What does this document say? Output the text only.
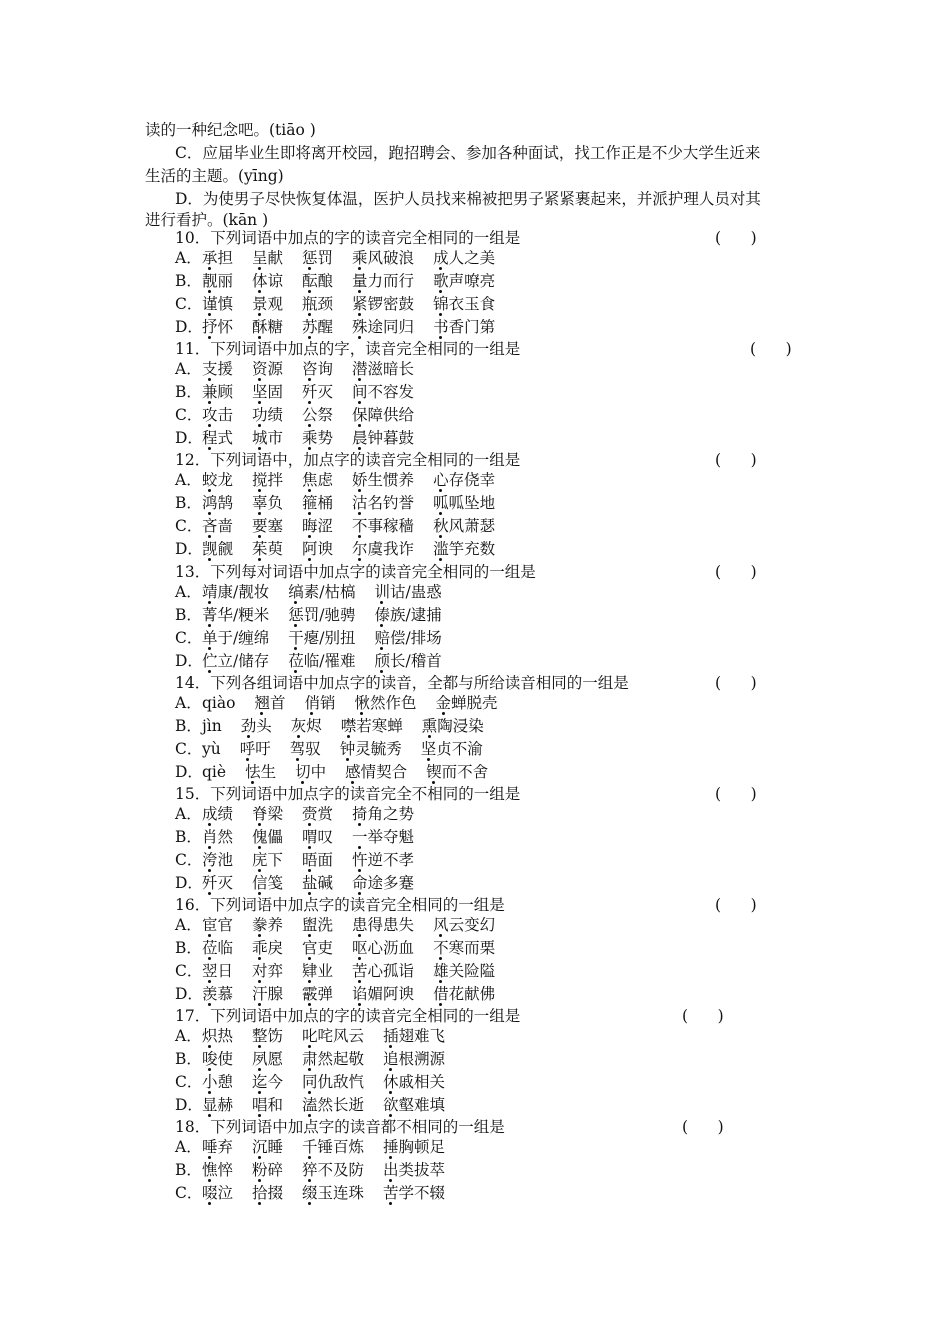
读的一种纪念吧。(tiāo )
C．应届毕业生即将离开校园，跑招聘会、参加各种面试，找工作正是不少大学生近来
生活的主题。(yīng)
D．为使男子尽快恢复体温，医护人员找来棉被把男子紧紧裹起来，并派护理人员对其
进行看护。(kān )
10．下列词语中加点的字的读音完全相同的一组是	(      )
A．承担 呈献 惩罚 乘风破浪 成人之美
B．靓丽 体谅 酝酿 量力而行 歌声嘹亮
C．谨慎 景观 瓶颈 紧锣密鼓 锦衣玉食
D．抒怀 酥糖 苏醒 殊途同归 书香门第
11．下列词语中加点的字，读音完全相同的一组是	(      )
A．支援 资源 咨询 潜滋暗长
B．兼顾 坚固 歼灭 间不容发
C．攻击 功绩 公祭 保障供给
D．程式 城市 乘势 晨钟暮鼓
12．下列词语中，加点字的读音完全相同的一组是	(      )
A．蛟龙 搅拌 焦虑 娇生惯养 心存侥幸
B．鸿鹄 辜负 箍桶 沽名钓誉 呱呱坠地
C．吝啬 要塞 晦涩 不事稼穑 秋风萧瑟
D．觊觎 茱萸 阿谀 尔虞我诈 滥竽充数
13．下列每对词语中加点字的读音完全相同的一组是	(      )
A．靖康/靓妆 缟素/枯槁 训诂/蛊惑
B．菁华/粳米 惩罚/驰骋 傣族/逮捕
C．单于/缠绵 干瘪/别扭 赔偿/排场
D．伫立/储存 莅临/罹难 颀长/稽首
14．下列各组词语中加点字的读音，全都与所给读音相同的一组是	(      )
A．qiào 翘首 俏销 愀然作色 金蝉脱壳
B．jìn 劲头 灰烬 噤若寒蝉 熏陶浸染
C．yù 呼吁 驾驭 钟灵毓秀 坚贞不渝
D．qiè 怯生 切中 感情契合 锲而不舍
15．下列词语中加点字的读音完全不相同的一组是	(      )
A．成绩 脊梁 赍赏 掎角之势
B．肖然 傀儡 喟叹 一举夺魁
C．洿池 庑下 晤面 忤逆不孝
D．歼灭 信笺 盐碱 命途多蹇
16．下列词语中加点字的读音完全相同的一组是	(      )
A．宦官 豢养 盥洗 患得患失 风云变幻
B．莅临 乖戾 官吏 呕心沥血 不寒而栗
C．翌日 对弈 肄业 苦心孤诣 雄关险隘
D．羡慕 汗腺 霰弹 谄媚阿谀 借花献佛
17．下列词语中加点的字的读音完全相同的一组是	(      )
A．炽热 整饬 叱咤风云 插翅难飞
B．唆使 夙愿 肃然起敬 追根溯源
C．小憩 迄今 同仇敌忾 休戚相关
D．显赫 唱和 溘然长逝 欲壑难填
18．下列词语中加点字的读音都不相同的一组是	(      )
A．唾弃 沉睡 千锤百炼 捶胸顿足
B．憔悴 粉碎 猝不及防 出类拔萃
C．啜泣 拾掇 缀玉连珠 苦学不辍
